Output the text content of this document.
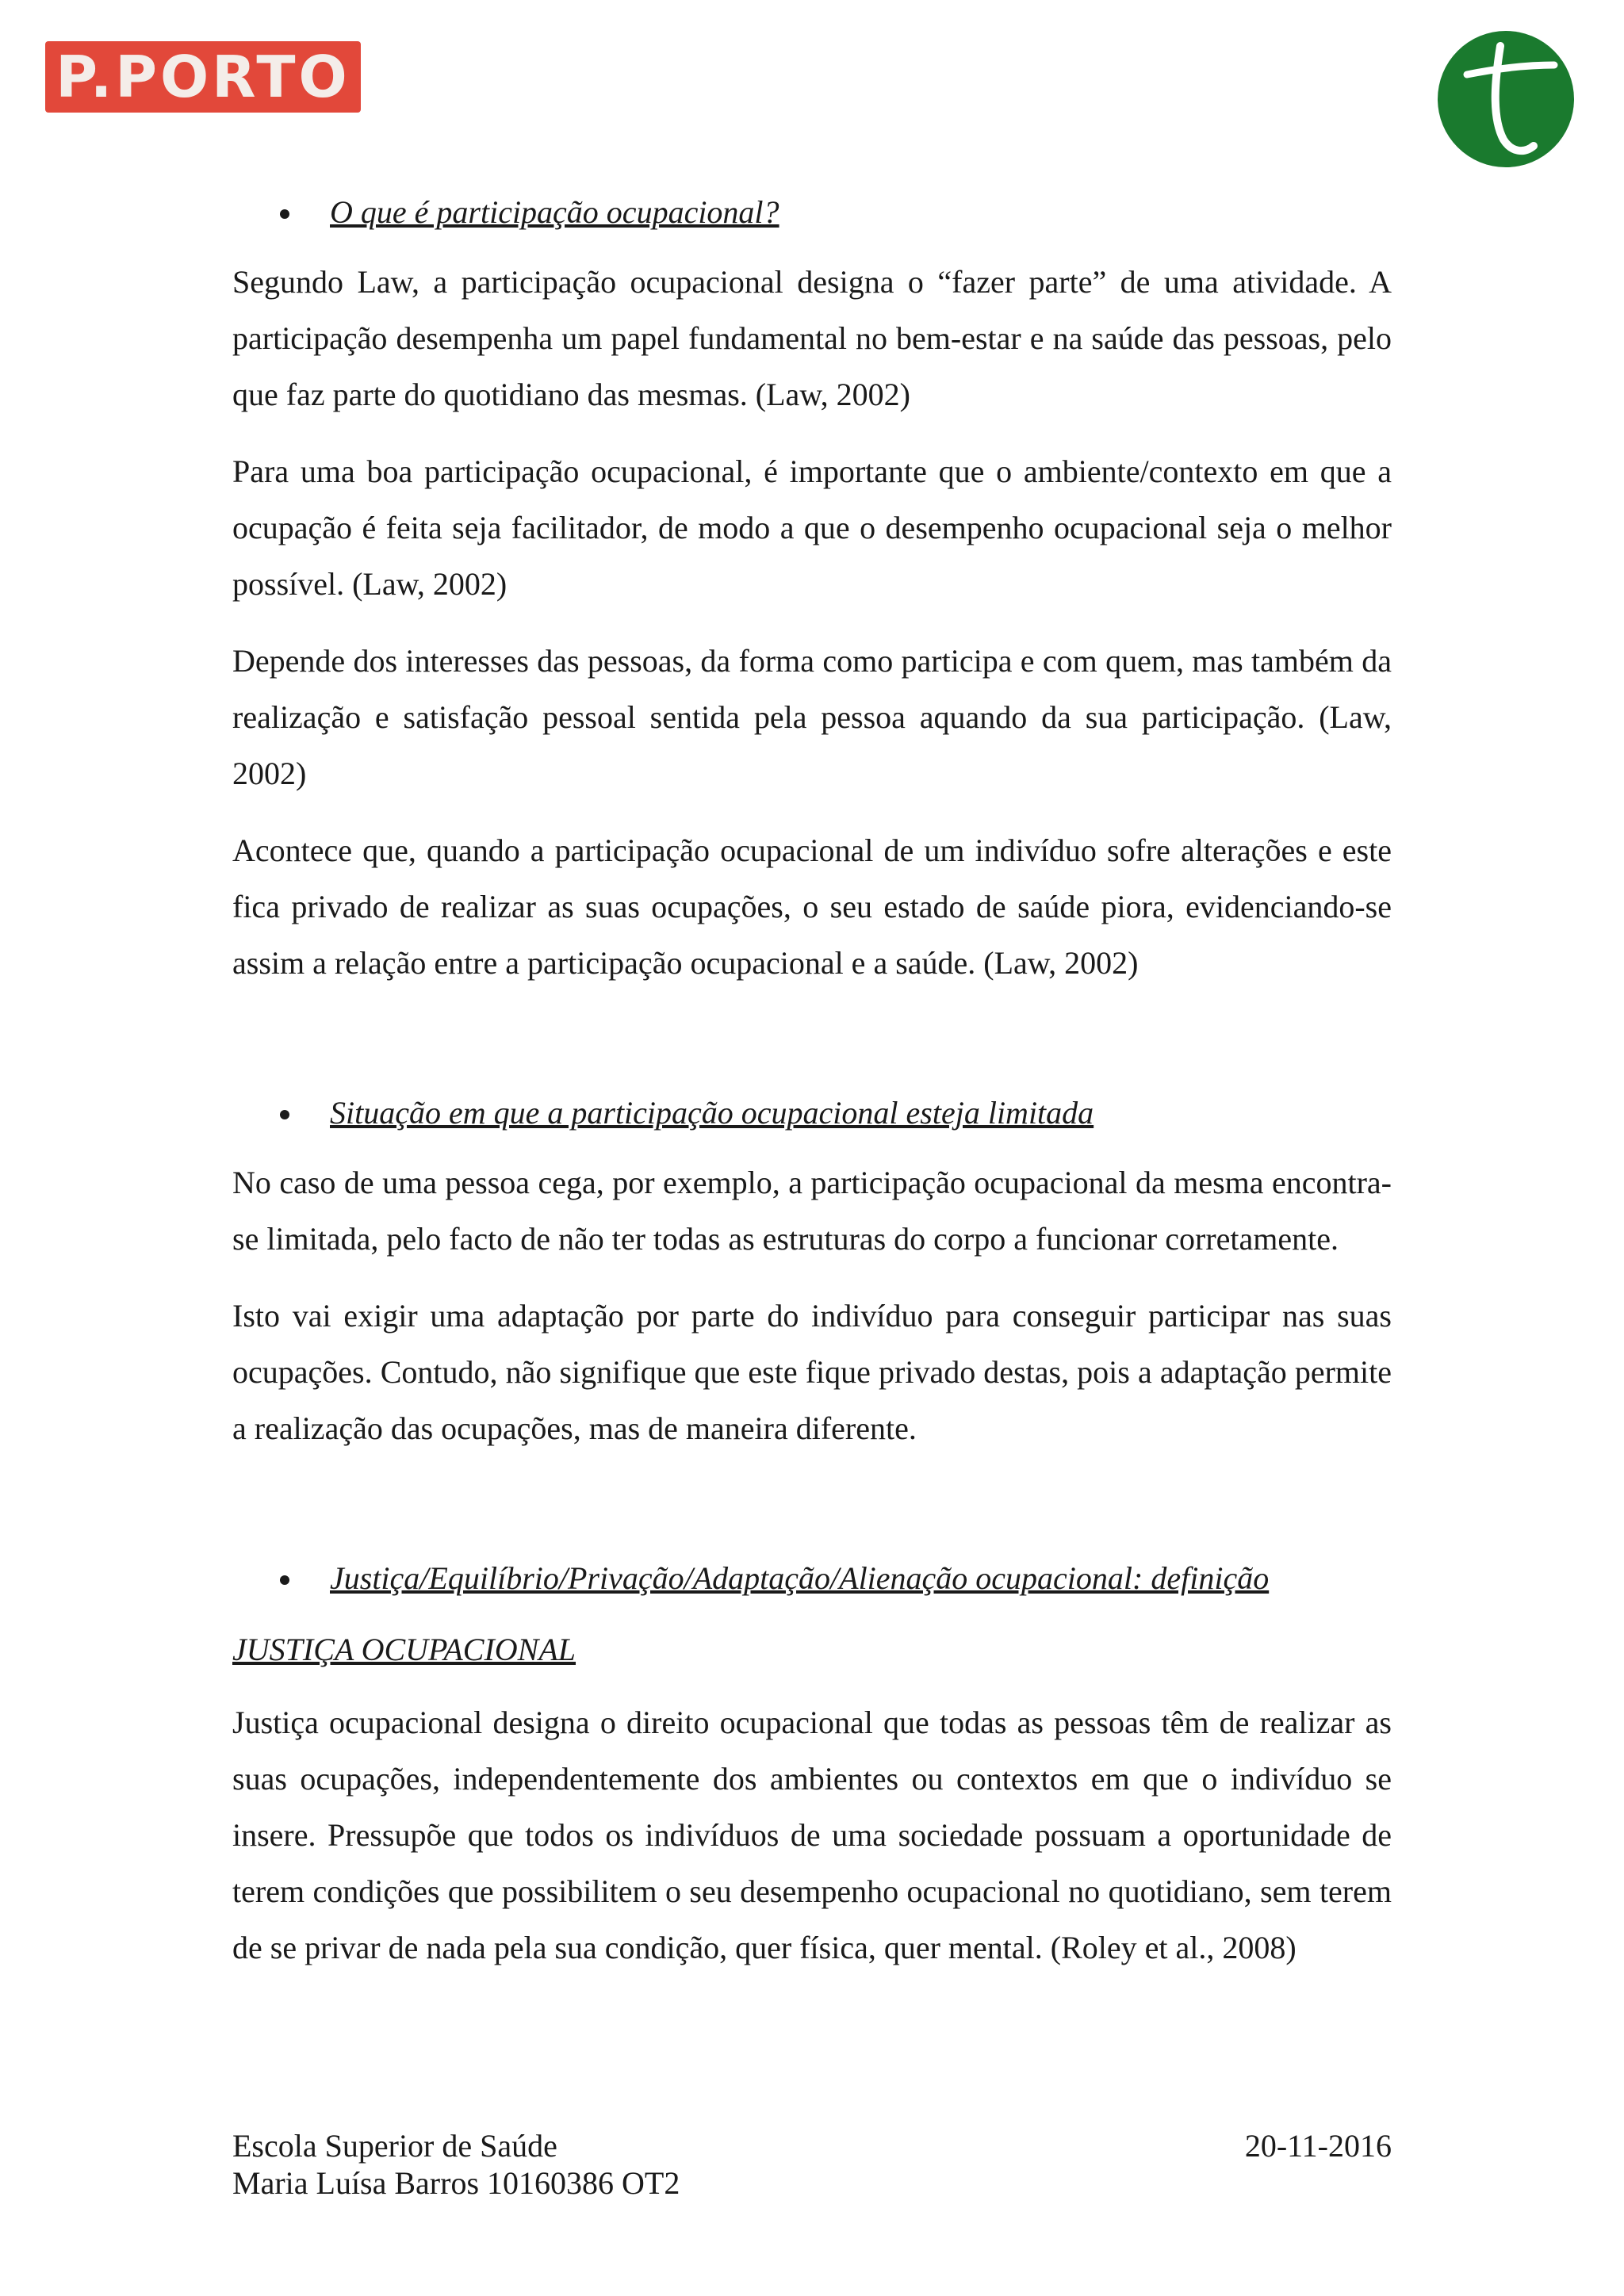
P.PORTO
O que é participação ocupacional?

Segundo Law, a participação ocupacional designa o “fazer parte” de uma atividade. A participação desempenha um papel fundamental no bem-estar e na saúde das pessoas, pelo que faz parte do quotidiano das mesmas. (Law, 2002)

Para uma boa participação ocupacional, é importante que o ambiente/contexto em que a ocupação é feita seja facilitador, de modo a que o desempenho ocupacional seja o melhor possível. (Law, 2002)

Depende dos interesses das pessoas, da forma como participa e com quem, mas também da realização e satisfação pessoal sentida pela pessoa aquando da sua participação. (Law, 2002)

Acontece que, quando a participação ocupacional de um indivíduo sofre alterações e este fica privado de realizar as suas ocupações, o seu estado de saúde piora, evidenciando-se assim a relação entre a participação ocupacional e a saúde. (Law, 2002)

Situação em que a participação ocupacional esteja limitada

No caso de uma pessoa cega, por exemplo, a participação ocupacional da mesma encontra-se limitada, pelo facto de não ter todas as estruturas do corpo a funcionar corretamente.

Isto vai exigir uma adaptação por parte do indivíduo para conseguir participar nas suas ocupações. Contudo, não signifique que este fique privado destas, pois a adaptação permite a realização das ocupações, mas de maneira diferente.

Justiça/Equilíbrio/Privação/Adaptação/Alienação ocupacional: definição
JUSTIÇA OCUPACIONAL

Justiça ocupacional designa o direito ocupacional que todas as pessoas têm de realizar as suas ocupações, independentemente dos ambientes ou contextos em que o indivíduo se insere. Pressupõe que todos os indivíduos de uma sociedade possuam a oportunidade de terem condições que possibilitem o seu desempenho ocupacional no quotidiano, sem terem de se privar de nada pela sua condição, quer física, quer mental. (Roley et al., 2008)

Escola Superior de Saúde
Maria Luísa Barros 10160386 OT2
20-11-2016
